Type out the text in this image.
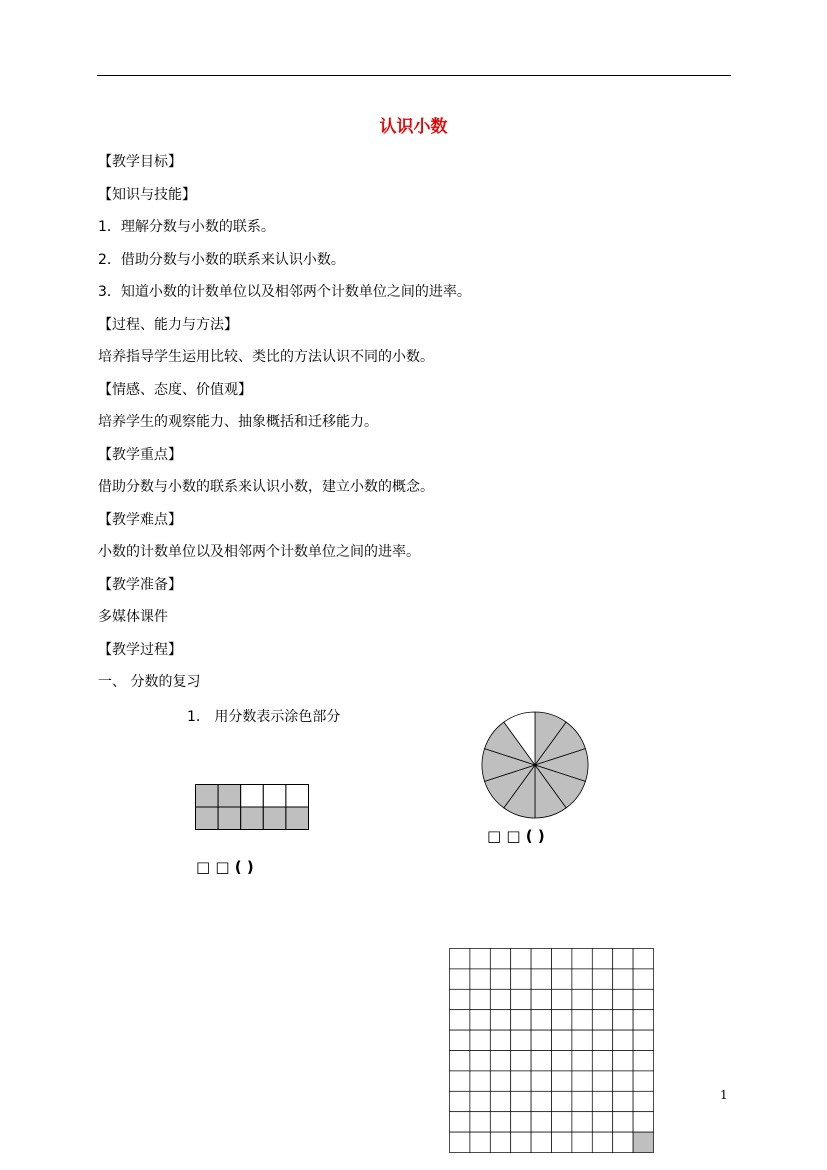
认识小数
【教学目标】
【知识与技能】
1．理解分数与小数的联系。
2．借助分数与小数的联系来认识小数。
3．知道小数的计数单位以及相邻两个计数单位之间的进率。
【过程、能力与方法】
培养指导学生运用比较、类比的方法认识不同的小数。
【情感、态度、价值观】
培养学生的观察能力、抽象概括和迁移能力。
【教学重点】
借助分数与小数的联系来认识小数，建立小数的概念。
【教学难点】
小数的计数单位以及相邻两个计数单位之间的进率。
【教学准备】
多媒体课件
【教学过程】
一、 分数的复习
1.　用分数表示涂色部分
□ □ ( )
□ □ ( )
1
